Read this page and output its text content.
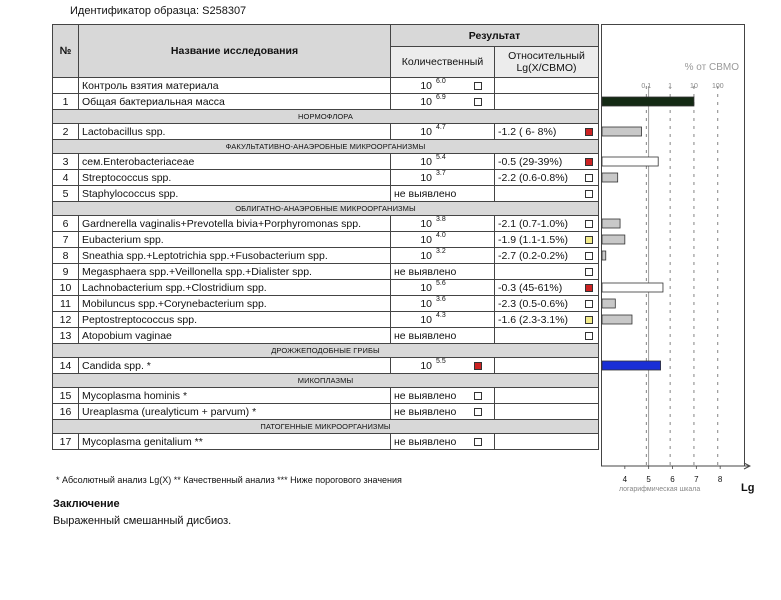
Идентификатор образца: S258307
№	Название исследования	Результат	
		Количественный	Относительный Lg(X/СВМО)
	Контроль взятия материала	10 6.0	

1	Общая бактериальная масса	10 6.9	

НОРМОФЛОРА			
2	Lactobacillus spp.	10 4.7	-1.2 ( 6- 8%)

ФАКУЛЬТАТИВНО-АНАЭРОБНЫЕ МИКРООРГАНИЗМЫ			
3	сем.Enterobacteriaceae	10 5.4	-0.5 (29-39%)

4	Streptococcus spp.	10 3.7	-2.2 (0.6-0.8%)

5	Staphylococcus spp.	не выявлено	

ОБЛИГАТНО-АНАЭРОБНЫЕ МИКРООРГАНИЗМЫ			
6	Gardnerella vaginalis+Prevotella bivia+Porphyromonas spp.	10 3.8	-2.1 (0.7-1.0%)

7	Eubacterium spp.	10 4.0	-1.9 (1.1-1.5%)

8	Sneathia spp.+Leptotrichia spp.+Fusobacterium spp.	10 3.2	-2.7 (0.2-0.2%)

9	Megasphaera spp.+Veillonella spp.+Dialister spp.	не выявлено	

10	Lachnobacterium spp.+Clostridium spp.	10 5.6	-0.3 (45-61%)

11	Mobiluncus spp.+Corynebacterium spp.	10 3.6	-2.3 (0.5-0.6%)

12	Peptostreptococcus spp.	10 4.3	-1.6 (2.3-3.1%)

13	Atopobium vaginae	не выявлено	

ДРОЖЖЕПОДОБНЫЕ ГРИБЫ			
14	Candida spp. *	10 5.5	

МИКОПЛАЗМЫ			
15	Mycoplasma hominis *	не выявлено	

16	Ureaplasma (urealyticum + parvum) *	не выявлено	

ПАТОГЕННЫЕ МИКРООРГАНИЗМЫ			
17	Mycoplasma genitalium **	не выявлено	

0.1 1	10 100
% от СВМО
* Абсолютный анализ Lg(X) ** Качественный анализ *** Ниже порогового значения
Заключение
Выраженный смешанный дисбиоз.
4 5 6 7 8
логарифмическая шкала	Lg
